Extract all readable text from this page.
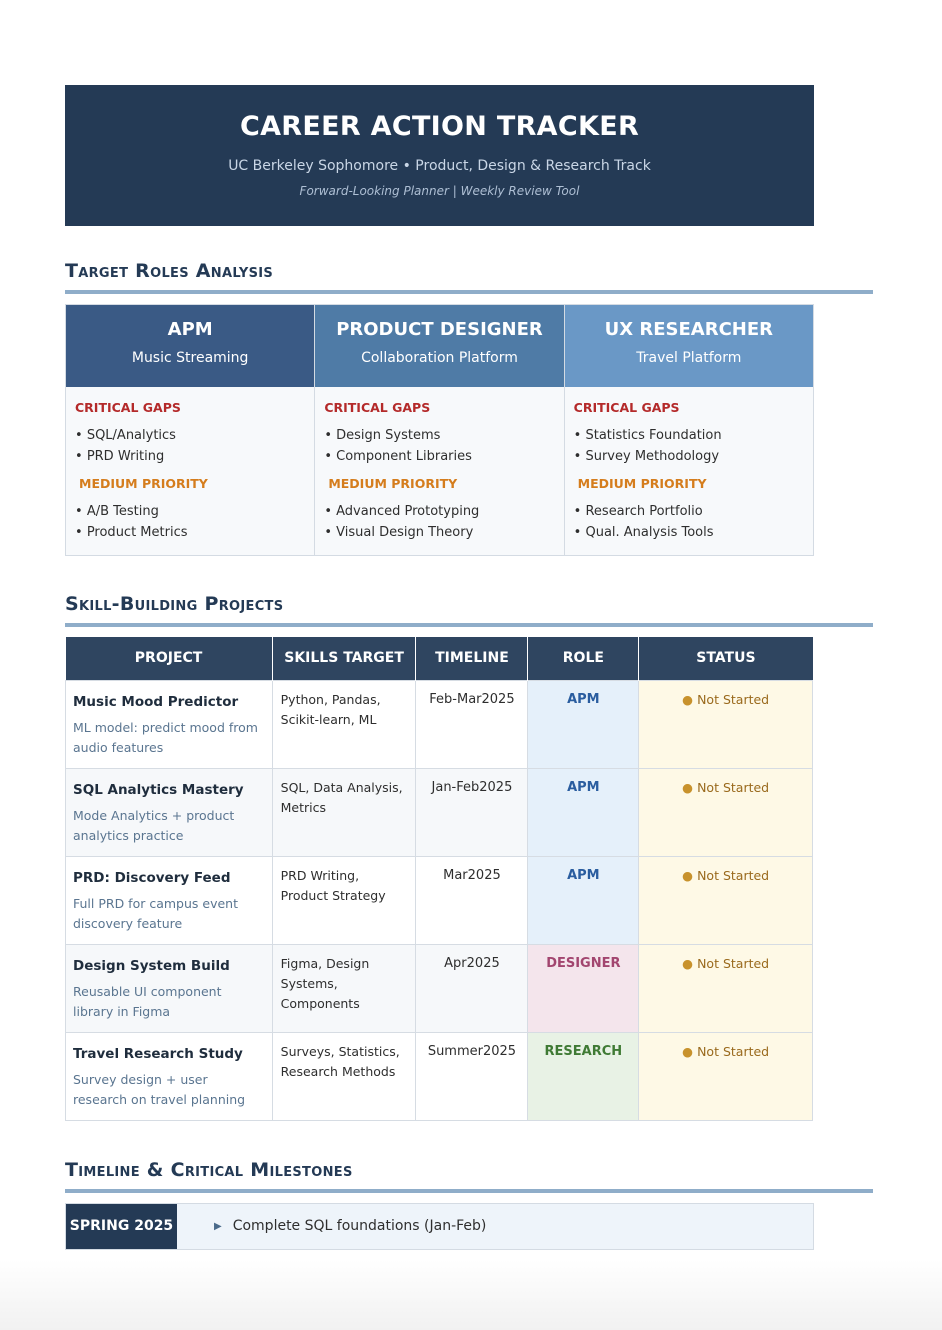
CAREER ACTION TRACKER
UC Berkeley Sophomore • Product, Design & Research Track
Forward-Looking Planner | Weekly Review Tool
Target Roles Analysis
APM
Music Streaming
CRITICAL GAPS
• SQL/Analytics
• PRD Writing
MEDIUM PRIORITY
• A/B Testing
• Product Metrics
PRODUCT DESIGNER
Collaboration Platform
CRITICAL GAPS
• Design Systems
• Component Libraries
MEDIUM PRIORITY
• Advanced Prototyping
• Visual Design Theory
UX RESEARCHER
Travel Platform
CRITICAL GAPS
• Statistics Foundation
• Survey Methodology
MEDIUM PRIORITY
• Research Portfolio
• Qual. Analysis Tools
Skill-Building Projects
PROJECT	SKILLS TARGET	TIMELINE	ROLE	STATUS

Music Mood Predictor
ML model: predict mood from audio features	Python, Pandas, Scikit-learn, ML	Feb-Mar2025	APM	● Not Started

SQL Analytics Mastery
Mode Analytics + product analytics practice	SQL, Data Analysis, Metrics	Jan-Feb2025	APM	● Not Started

PRD: Discovery Feed
Full PRD for campus event discovery feature	PRD Writing, Product Strategy	Mar2025	APM	● Not Started

Design System Build
Reusable UI component library in Figma	Figma, Design Systems, Components	Apr2025	DESIGNER	● Not Started

Travel Research Study
Survey design + user research on travel planning	Surveys, Statistics, Research Methods	Summer2025	RESEARCH	● Not Started
Timeline & Critical Milestones
SPRING 2025	▶ Complete SQL foundations (Jan-Feb)
